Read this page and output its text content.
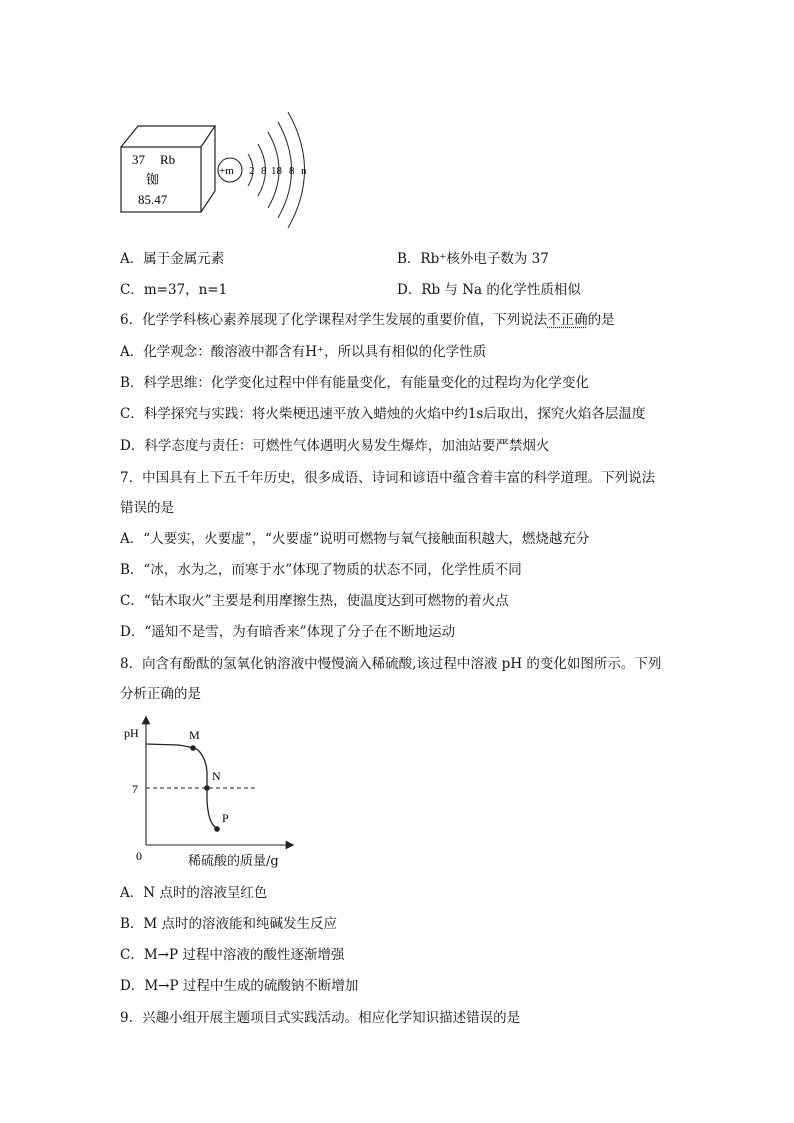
37 Rb
铷
85.47
+m 2 8 18 8 n
A．属于金属元素	B．Rb⁺核外电子数为 37
C．m=37，n=1	D．Rb 与 Na 的化学性质相似
6．化学学科核心素养展现了化学课程对学生发展的重要价值，下列说法不正确的是
A．化学观念：酸溶液中都含有H⁺，所以具有相似的化学性质
B．科学思维：化学变化过程中伴有能量变化，有能量变化的过程均为化学变化
C．科学探究与实践：将火柴梗迅速平放入蜡烛的火焰中约1s后取出，探究火焰各层温度
D．科学态度与责任：可燃性气体遇明火易发生爆炸，加油站要严禁烟火
7．中国具有上下五千年历史，很多成语、诗词和谚语中蕴含着丰富的科学道理。下列说法
错误的是
A．“人要实，火要虚”，“火要虚”说明可燃物与氧气接触面积越大，燃烧越充分
B．“冰，水为之，而寒于水”体现了物质的状态不同，化学性质不同
C．“钻木取火”主要是利用摩擦生热，使温度达到可燃物的着火点
D．“遥知不是雪，为有暗香来”体现了分子在不断地运动
8．向含有酚酞的氢氧化钠溶液中慢慢滴入稀硫酸,该过程中溶液 pH 的变化如图所示。下列
分析正确的是
pH
0
7
M
N
P
稀硫酸的质量/g
A．N 点时的溶液呈红色
B．M 点时的溶液能和纯碱发生反应
C．M→P 过程中溶液的酸性逐渐增强
D．M→P 过程中生成的硫酸钠不断增加
9．兴趣小组开展主题项目式实践活动。相应化学知识描述错误的是
